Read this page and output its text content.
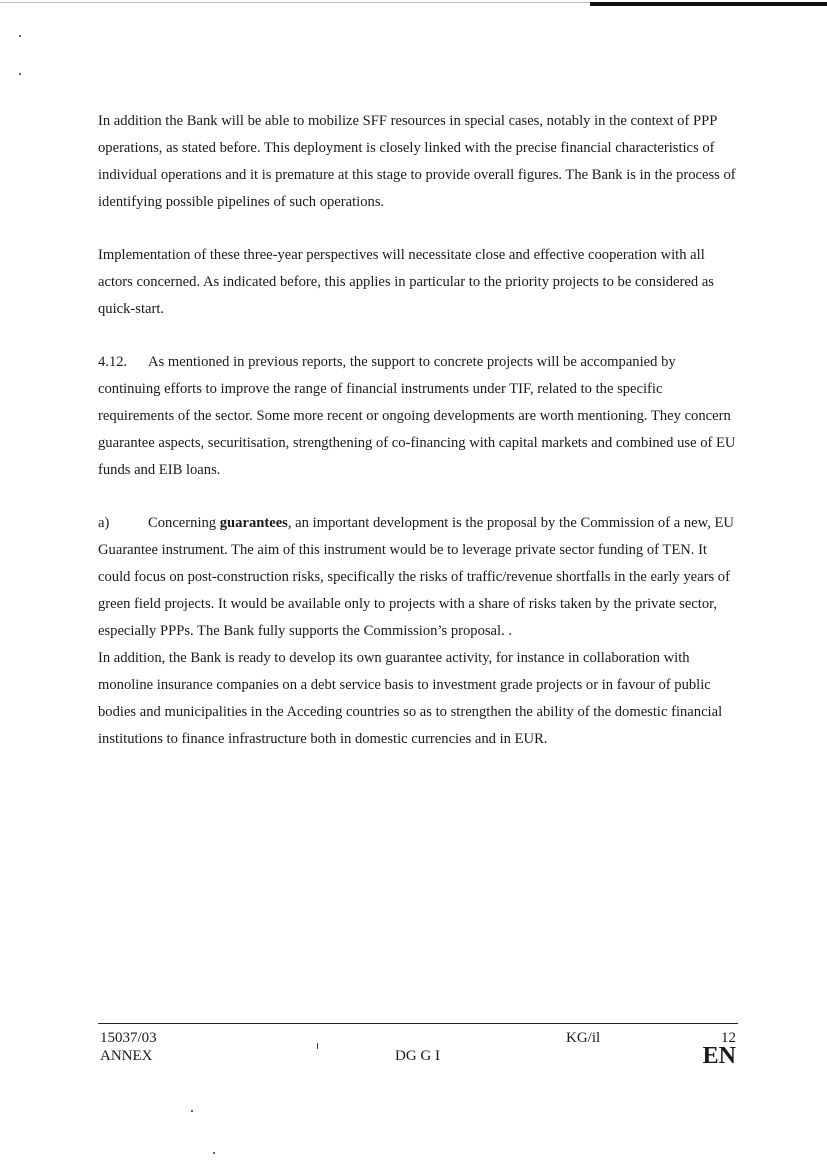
In addition the Bank will be able to mobilize SFF resources in special cases, notably in the context of PPP operations, as stated before. This deployment is closely linked with the precise financial characteristics of individual operations and it is premature at this stage to provide overall figures. The Bank is in the process of identifying possible pipelines of such operations.

Implementation of these three-year perspectives will necessitate close and effective cooperation with all actors concerned. As indicated before, this applies in particular to the priority projects to be considered as quick-start.

4.12. As mentioned in previous reports, the support to concrete projects will be accompanied by continuing efforts to improve the range of financial instruments under TIF, related to the specific requirements of the sector. Some more recent or ongoing developments are worth mentioning. They concern guarantee aspects, securitisation, strengthening of co-financing with capital markets and combined use of EU funds and EIB loans.

a)	Concerning guarantees, an important development is the proposal by the Commission of a new, EU Guarantee instrument. The aim of this instrument would be to leverage private sector funding of TEN. It could focus on post-construction risks, specifically the risks of traffic/revenue shortfalls in the early years of green field projects. It would be available only to projects with a share of risks taken by the private sector, especially PPPs. The Bank fully supports the Commission’s proposal. .

In addition, the Bank is ready to develop its own guarantee activity, for instance in collaboration with monoline insurance companies on a debt service basis to investment grade projects or in favour of public bodies and municipalities in the Acceding countries so as to strengthen the ability of the domestic financial institutions to finance infrastructure both in domestic currencies and in EUR.

15037/03
ANNEX	DG G I
KG/il	12
EN
